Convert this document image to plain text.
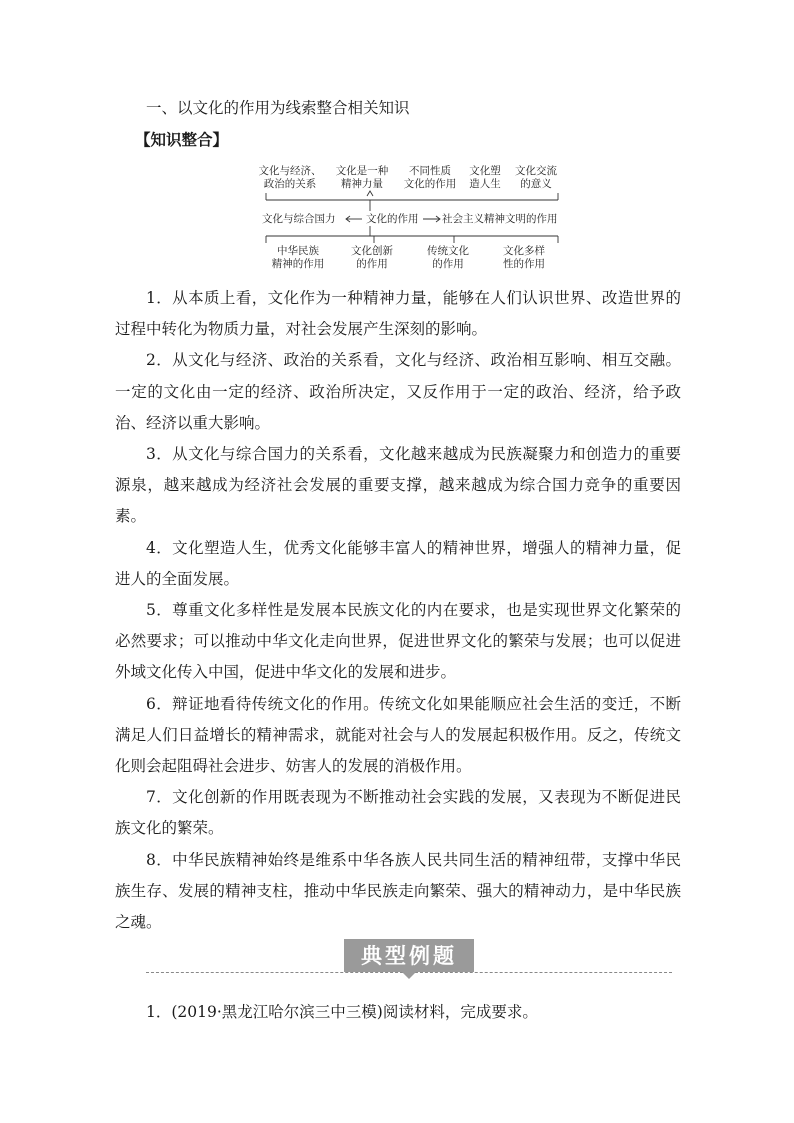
一、以文化的作用为线索整合相关知识
【知识整合】
文化与经济、
政治的关系
文化是一种
精神力量
不同性质
文化的作用
文化塑
造人生
文化交流
的意义
文化与综合国力	文化的作用 社会主义精神文明的作用
中华民族
精神的作用
文化创新
的作用
传统文化
的作用
文化多样
性的作用

1．从本质上看，文化作为一种精神力量，能够在人们认识世界、改造世界的过程中转化为物质力量，对社会发展产生深刻的影响。

2．从文化与经济、政治的关系看，文化与经济、政治相互影响、相互交融。一定的文化由一定的经济、政治所决定，又反作用于一定的政治、经济，给予政治、经济以重大影响。

3．从文化与综合国力的关系看，文化越来越成为民族凝聚力和创造力的重要源泉，越来越成为经济社会发展的重要支撑，越来越成为综合国力竞争的重要因素。

4．文化塑造人生，优秀文化能够丰富人的精神世界，增强人的精神力量，促进人的全面发展。

5．尊重文化多样性是发展本民族文化的内在要求，也是实现世界文化繁荣的必然要求；可以推动中华文化走向世界，促进世界文化的繁荣与发展；也可以促进外域文化传入中国，促进中华文化的发展和进步。

6．辩证地看待传统文化的作用。传统文化如果能顺应社会生活的变迁，不断满足人们日益增长的精神需求，就能对社会与人的发展起积极作用。反之，传统文化则会起阻碍社会进步、妨害人的发展的消极作用。

7．文化创新的作用既表现为不断推动社会实践的发展，又表现为不断促进民族文化的繁荣。

8．中华民族精神始终是维系中华各族人民共同生活的精神纽带，支撑中华民族生存、发展的精神支柱，推动中华民族走向繁荣、强大的精神动力，是中华民族之魂。

典型例题
1．(2019·黑龙江哈尔滨三中三模)阅读材料，完成要求。
